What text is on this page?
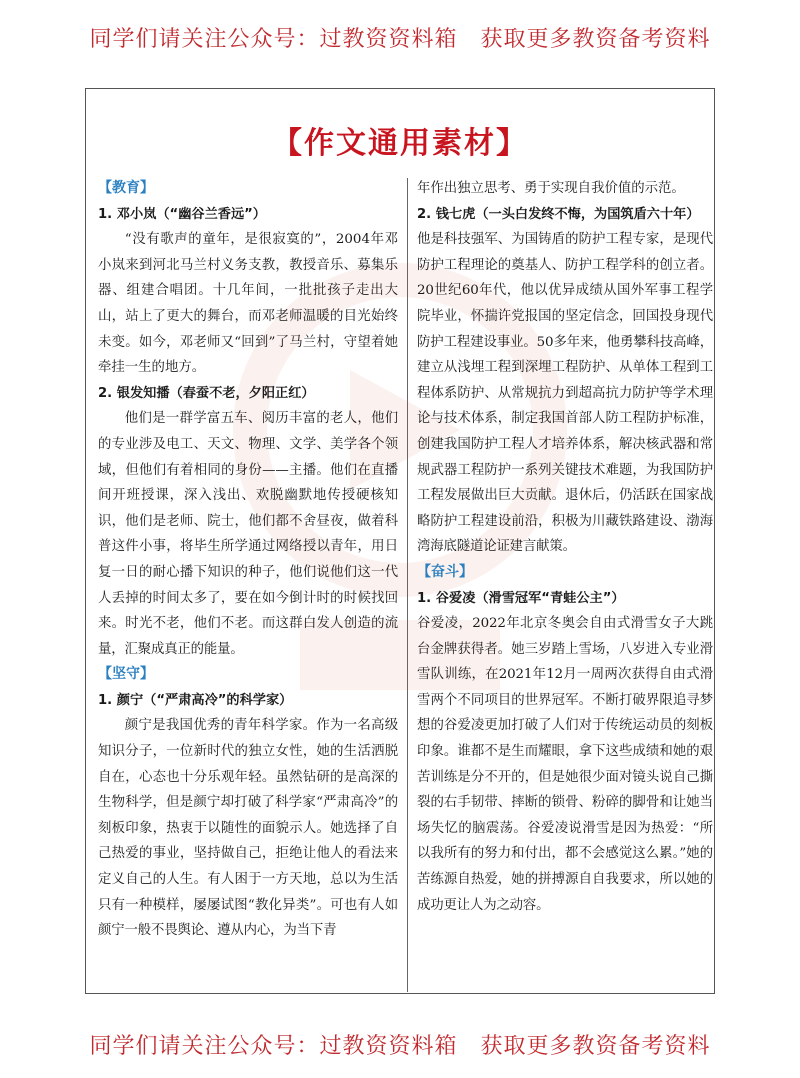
同学们请关注公众号：过教资资料箱　获取更多教资备考资料
【作文通用素材】

【教育】

1. 邓小岚（“幽谷兰香远”）

“没有歌声的童年，是很寂寞的”，2004年邓小岚来到河北马兰村义务支教，教授音乐、募集乐器、组建合唱团。十几年间，一批批孩子走出大山，站上了更大的舞台，而邓老师温暖的目光始终未变。如今，邓老师又“回到”了马兰村，守望着她牵挂一生的地方。

2. 银发知播（春蚕不老，夕阳正红）

他们是一群学富五车、阅历丰富的老人，他们的专业涉及电工、天文、物理、文学、美学各个领域，但他们有着相同的身份——主播。他们在直播间开班授课，深入浅出、欢脱幽默地传授硬核知识，他们是老师、院士，他们都不舍昼夜，做着科普这件小事，将毕生所学通过网络授以青年，用日复一日的耐心播下知识的种子，他们说他们这一代人丢掉的时间太多了，要在如今倒计时的时候找回来。时光不老，他们不老。而这群白发人创造的流量，汇聚成真正的能量。

【坚守】

1. 颜宁（“严肃高冷”的科学家）

颜宁是我国优秀的青年科学家。作为一名高级知识分子，一位新时代的独立女性，她的生活洒脱自在，心态也十分乐观年轻。虽然钻研的是高深的生物科学，但是颜宁却打破了科学家“严肃高冷”的刻板印象，热衷于以随性的面貌示人。她选择了自己热爱的事业，坚持做自己，拒绝让他人的看法来定义自己的人生。有人困于一方天地，总以为生活只有一种模样，屡屡试图“教化异类”。可也有人如颜宁一般不畏舆论、遵从内心，为当下青

年作出独立思考、勇于实现自我价值的示范。

2. 钱七虎（一头白发终不悔，为国筑盾六十年）

他是科技强军、为国铸盾的防护工程专家，是现代防护工程理论的奠基人、防护工程学科的创立者。20世纪60年代，他以优异成绩从国外军事工程学院毕业，怀揣许党报国的坚定信念，回国投身现代防护工程建设事业。50多年来，他勇攀科技高峰，建立从浅埋工程到深埋工程防护、从单体工程到工程体系防护、从常规抗力到超高抗力防护等学术理论与技术体系，制定我国首部人防工程防护标准，创建我国防护工程人才培养体系，解决核武器和常规武器工程防护一系列关键技术难题，为我国防护工程发展做出巨大贡献。退休后，仍活跃在国家战略防护工程建设前沿，积极为川藏铁路建设、渤海湾海底隧道论证建言献策。

【奋斗】

1. 谷爱凌（滑雪冠军“青蛙公主”）

谷爱凌，2022年北京冬奥会自由式滑雪女子大跳台金牌获得者。她三岁踏上雪场，八岁进入专业滑雪队训练，在2021年12月一周两次获得自由式滑雪两个不同项目的世界冠军。不断打破界限追寻梦想的谷爱凌更加打破了人们对于传统运动员的刻板印象。谁都不是生而耀眼，拿下这些成绩和她的艰苦训练是分不开的，但是她很少面对镜头说自己撕裂的右手韧带、摔断的锁骨、粉碎的脚骨和让她当场失忆的脑震荡。谷爱凌说滑雪是因为热爱：“所以我所有的努力和付出，都不会感觉这么累。”她的苦练源自热爱，她的拼搏源自自我要求，所以她的成功更让人为之动容。

同学们请关注公众号：过教资资料箱　获取更多教资备考资料
